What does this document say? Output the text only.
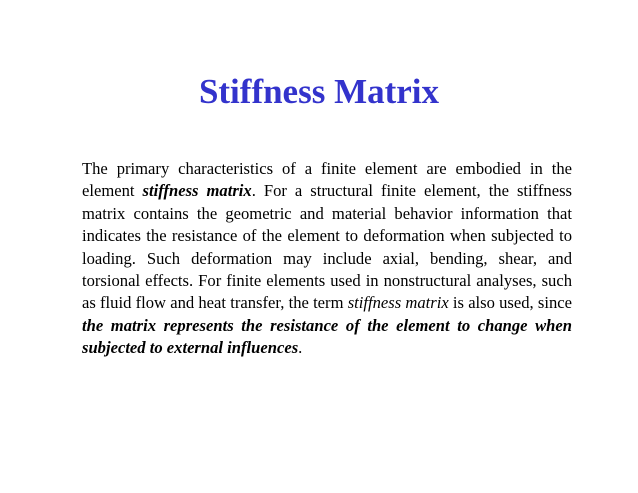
Stiffness Matrix

The primary characteristics of a finite element are embodied in the element stiffness matrix. For a structural finite element, the stiffness matrix contains the geometric and material behavior information that indicates the resistance of the element to deformation when subjected to loading. Such deformation may include axial, bending, shear, and torsional effects. For finite elements used in nonstructural analyses, such as fluid flow and heat transfer, the term stiffness matrix is also used, since the matrix represents the resistance of the element to change when subjected to external influences.
